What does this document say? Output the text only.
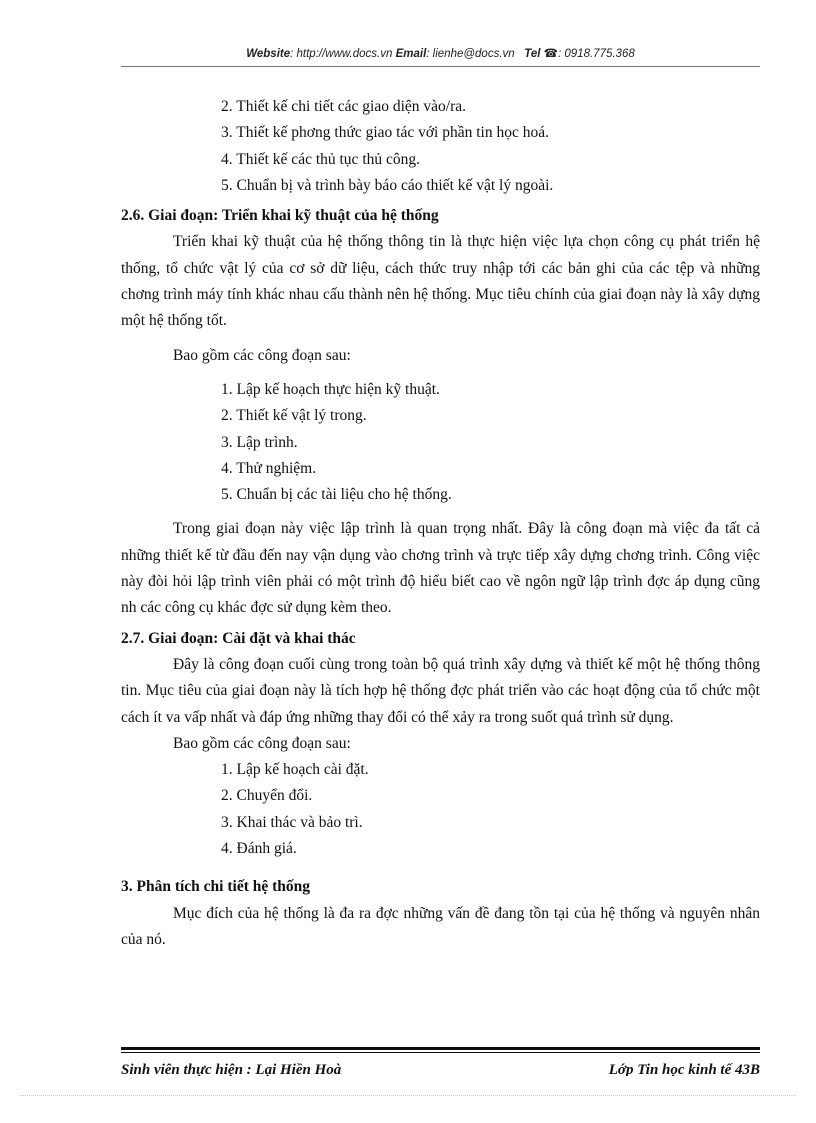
Website: http://www.docs.vn Email: lienhe@docs.vn Tel ☎: 0918.775.368

2. Thiết kế chi tiết các giao diện vào/ra.

3. Thiết kế phơng thức giao tác với phần tin học hoá.

4. Thiết kế các thủ tục thủ công.

5. Chuẩn bị và trình bày báo cáo thiết kế vật lý ngoài.

2.6. Giai đoạn: Triển khai kỹ thuật của hệ thống

Triển khai kỹ thuật của hệ thống thông tin là thực hiện việc lựa chọn công cụ phát triển hệ thống, tổ chức vật lý của cơ sở dữ liệu, cách thức truy nhập tới các bản ghi của các tệp và những chơng trình máy tính khác nhau cấu thành nên hệ thống. Mục tiêu chính của giai đoạn này là xây dựng một hệ thống tốt.

Bao gồm các công đoạn sau:

1. Lập kế hoạch thực hiện kỹ thuật.

2. Thiết kế vật lý trong.

3. Lập trình.

4. Thử nghiệm.

5. Chuẩn bị các tài liệu cho hệ thống.

Trong giai đoạn này việc lập trình là quan trọng nhất. Đây là công đoạn mà việc đa tất cả những thiết kế từ đầu đến nay vận dụng vào chơng trình và trực tiếp xây dựng chơng trình. Công việc này đòi hỏi lập trình viên phải có một trình độ hiểu biết cao về ngôn ngữ lập trình đợc áp dụng cũng nh các công cụ khác đợc sử dụng kèm theo.

2.7. Giai đoạn: Cài đặt và khai thác

Đây là công đoạn cuối cùng trong toàn bộ quá trình xây dựng và thiết kế một hệ thống thông tin. Mục tiêu của giai đoạn này là tích hợp hệ thống đợc phát triển vào các hoạt động của tổ chức một cách ít va vấp nhất và đáp ứng những thay đổi có thể xảy ra trong suốt quá trình sử dụng.

Bao gồm các công đoạn sau:

1. Lập kế hoạch cài đặt.

2. Chuyển đổi.

3. Khai thác và bảo trì.

4. Đánh giá.

3. Phân tích chi tiết hệ thống

Mục đích của hệ thống là đa ra đợc những vấn đề đang tồn tại của hệ thống và nguyên nhân của nó.

Sinh viên thực hiện : Lại Hiền Hoà	Lớp Tin học kinh tế 43B
